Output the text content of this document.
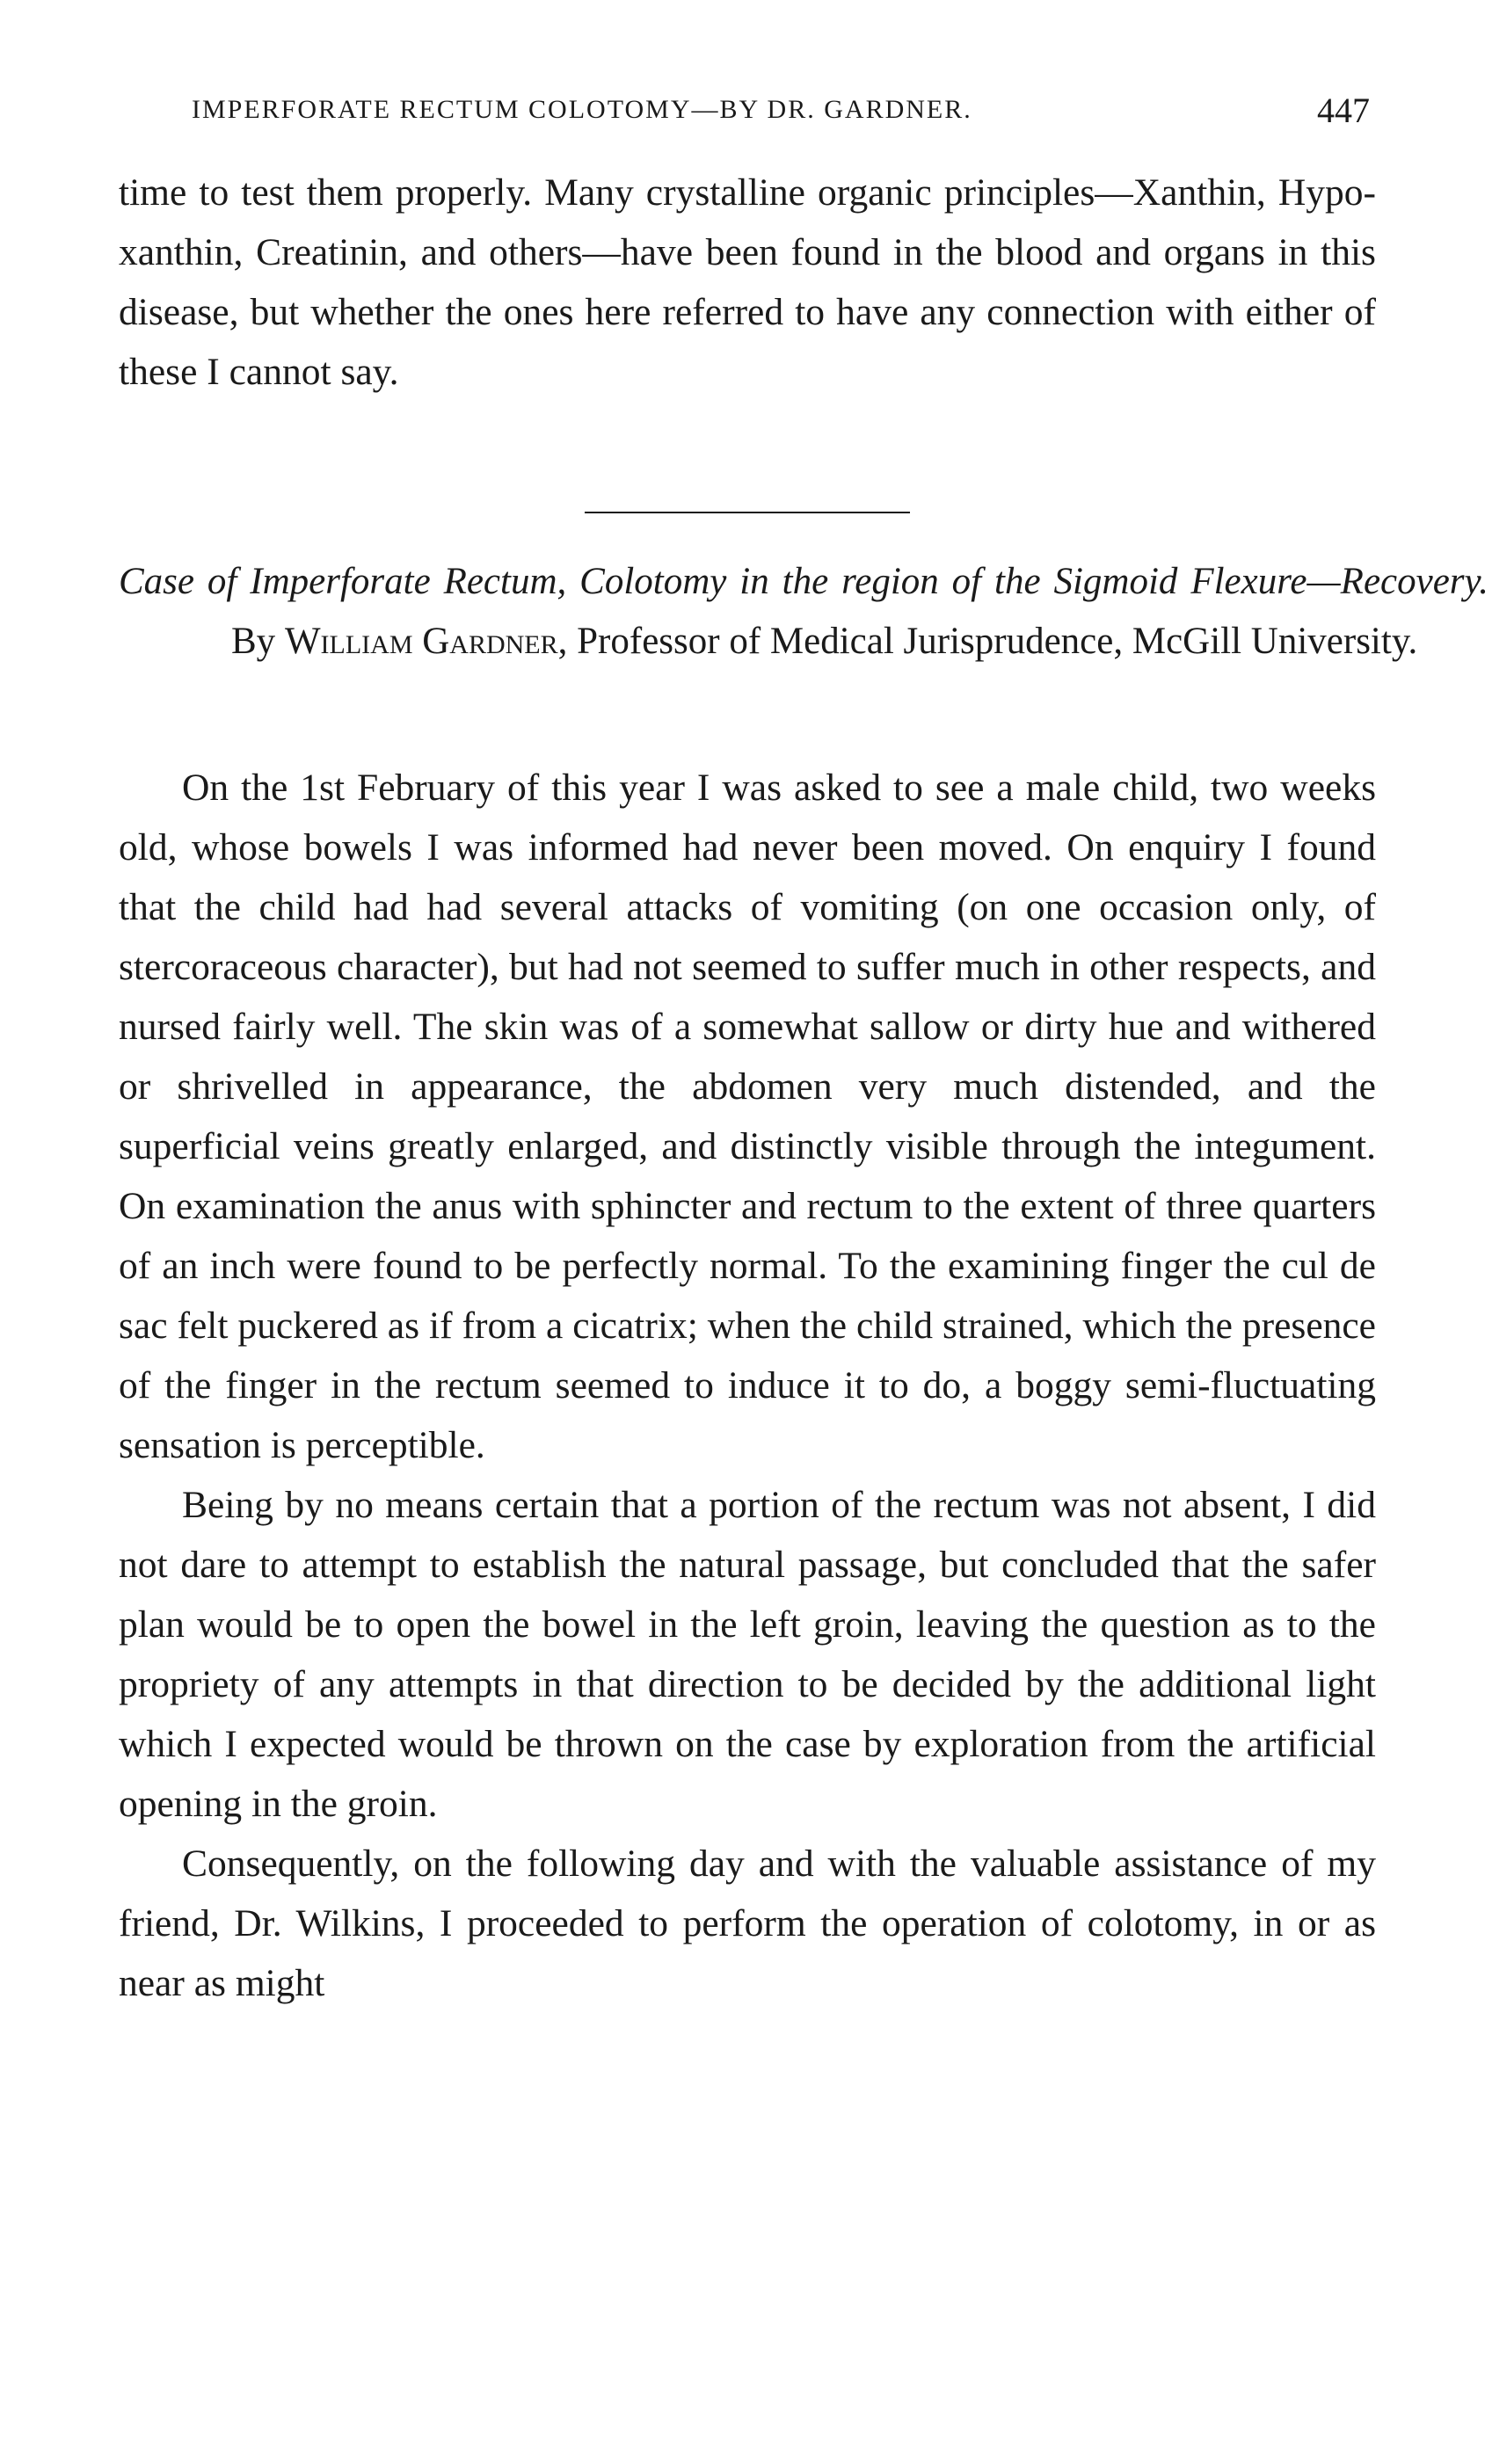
IMPERFORATE RECTUM COLOTOMY—BY DR. GARDNER.	447

time to test them properly. Many crystalline organic principles—Xanthin, Hypo-xanthin, Creatinin, and others—have been found in the blood and organs in this disease, but whether the ones here referred to have any connection with either of these I cannot say.

Case of Imperforate Rectum, Colotomy in the region of the Sigmoid Flexure—Recovery. By William Gardner, Professor of Medical Jurisprudence, McGill University.

On the 1st February of this year I was asked to see a male child, two weeks old, whose bowels I was informed had never been moved. On enquiry I found that the child had had several attacks of vomiting (on one occasion only, of stercoraceous character), but had not seemed to suffer much in other respects, and nursed fairly well. The skin was of a somewhat sallow or dirty hue and withered or shrivelled in appearance, the abdomen very much distended, and the superficial veins greatly enlarged, and distinctly visible through the integument. On examination the anus with sphincter and rectum to the extent of three quarters of an inch were found to be perfectly normal. To the examining finger the cul de sac felt puckered as if from a cicatrix; when the child strained, which the presence of the finger in the rectum seemed to induce it to do, a boggy semi-fluctuating sensation is perceptible.

Being by no means certain that a portion of the rectum was not absent, I did not dare to attempt to establish the natural passage, but concluded that the safer plan would be to open the bowel in the left groin, leaving the question as to the propriety of any attempts in that direction to be decided by the additional light which I expected would be thrown on the case by exploration from the artificial opening in the groin.

Consequently, on the following day and with the valuable assistance of my friend, Dr. Wilkins, I proceeded to perform the operation of colotomy, in or as near as might
